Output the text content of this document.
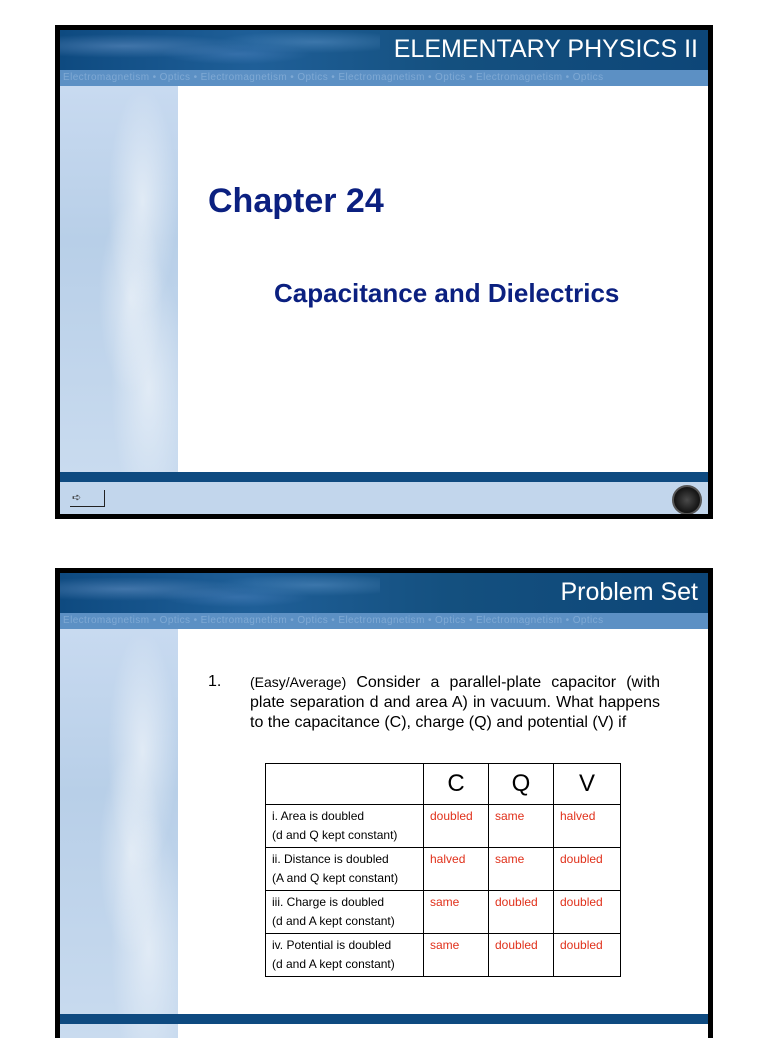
ELEMENTARY PHYSICS II
Electromagnetism • Optics • Electromagnetism • Optics • Electromagnetism • Optics • Electromagnetism • Optics
Chapter 24
Capacitance and Dielectrics
➪
Problem Set
Electromagnetism • Optics • Electromagnetism • Optics • Electromagnetism • Optics • Electromagnetism • Optics
1. (Easy/Average) Consider a parallel-plate capacitor (with plate separation d and area A) in vacuum. What happens to the capacitance (C), charge (Q) and potential (V) if
	C	Q	V

i. Area is doubled
(d and Q kept constant)	doubled	same	halved

ii. Distance is doubled
(A and Q kept constant)	halved	same	doubled

iii. Charge is doubled
(d and A kept constant)	same	doubled	doubled

iv. Potential is doubled
(d and A kept constant)	same	doubled	doubled
